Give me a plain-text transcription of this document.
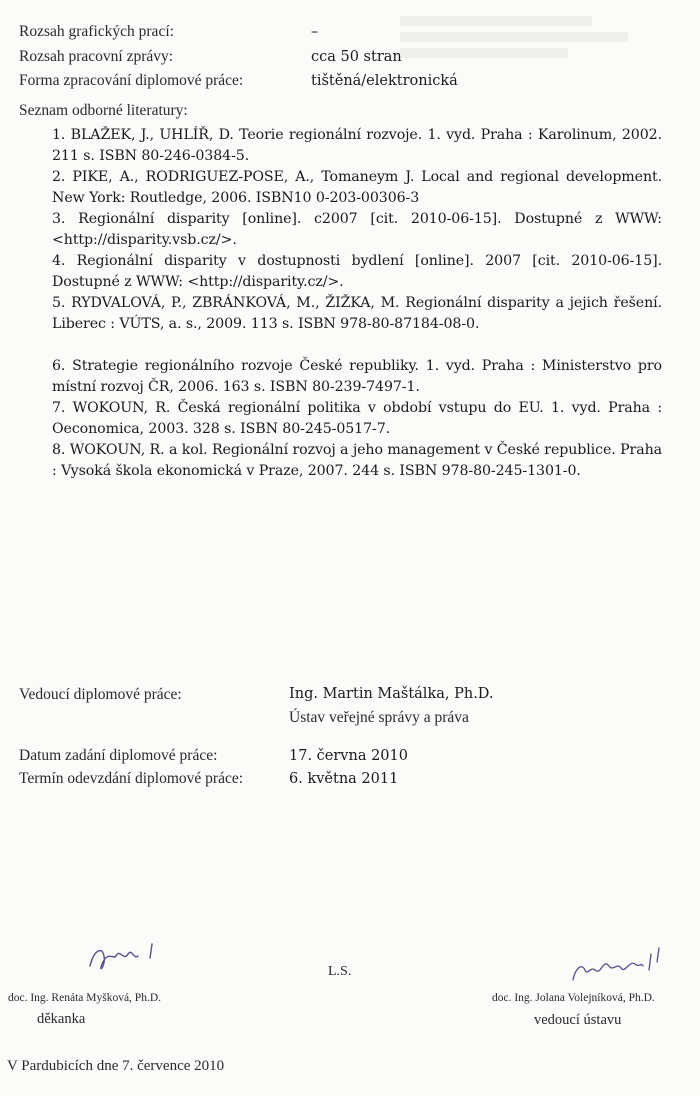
Rozsah grafických prací:	–
Rozsah pracovní zprávy:	cca 50 stran
Forma zpracování diplomové práce:	tištěná/elektronická
Seznam odborné literatury:
1. BLAŽEK, J., UHLÍŘ, D. Teorie regionální rozvoje. 1. vyd. Praha : Karolinum, 2002. 211 s. ISBN 80-246-0384-5.
2. PIKE, A., RODRIGUEZ-POSE, A., Tomaneym J. Local and regional development. New York: Routledge, 2006. ISBN10 0-203-00306-3
3. Regionální disparity [online]. c2007 [cit. 2010-06-15]. Dostupné z WWW: <http://disparity.vsb.cz/>.
4. Regionální disparity v dostupnosti bydlení [online]. 2007 [cit. 2010-06-15]. Dostupné z WWW: <http://disparity.cz/>.
5. RYDVALOVÁ, P., ZBRÁNKOVÁ, M., ŽIŽKA, M. Regionální disparity a jejich řešení. Liberec : VÚTS, a. s., 2009. 113 s. ISBN 978-80-87184-08-0.
6. Strategie regionálního rozvoje České republiky. 1. vyd. Praha : Ministerstvo pro místní rozvoj ČR, 2006. 163 s. ISBN 80-239-7497-1.
7. WOKOUN, R. Česká regionální politika v období vstupu do EU. 1. vyd. Praha : Oeconomica, 2003. 328 s. ISBN 80-245-0517-7.
8. WOKOUN, R. a kol. Regionální rozvoj a jeho management v České republice. Praha : Vysoká škola ekonomická v Praze, 2007. 244 s. ISBN 978-80-245-1301-0.
Vedoucí diplomové práce:	Ing. Martin Maštálka, Ph.D.
Ústav veřejné správy a práva
Datum zadání diplomové práce:	17. června 2010
Termín odevzdání diplomové práce:	6. května 2011
L.S.
doc. Ing. Renáta Myšková, Ph.D.
děkanka
doc. Ing. Jolana Volejníková, Ph.D.
vedoucí ústavu
V Pardubicích dne 7. července 2010
